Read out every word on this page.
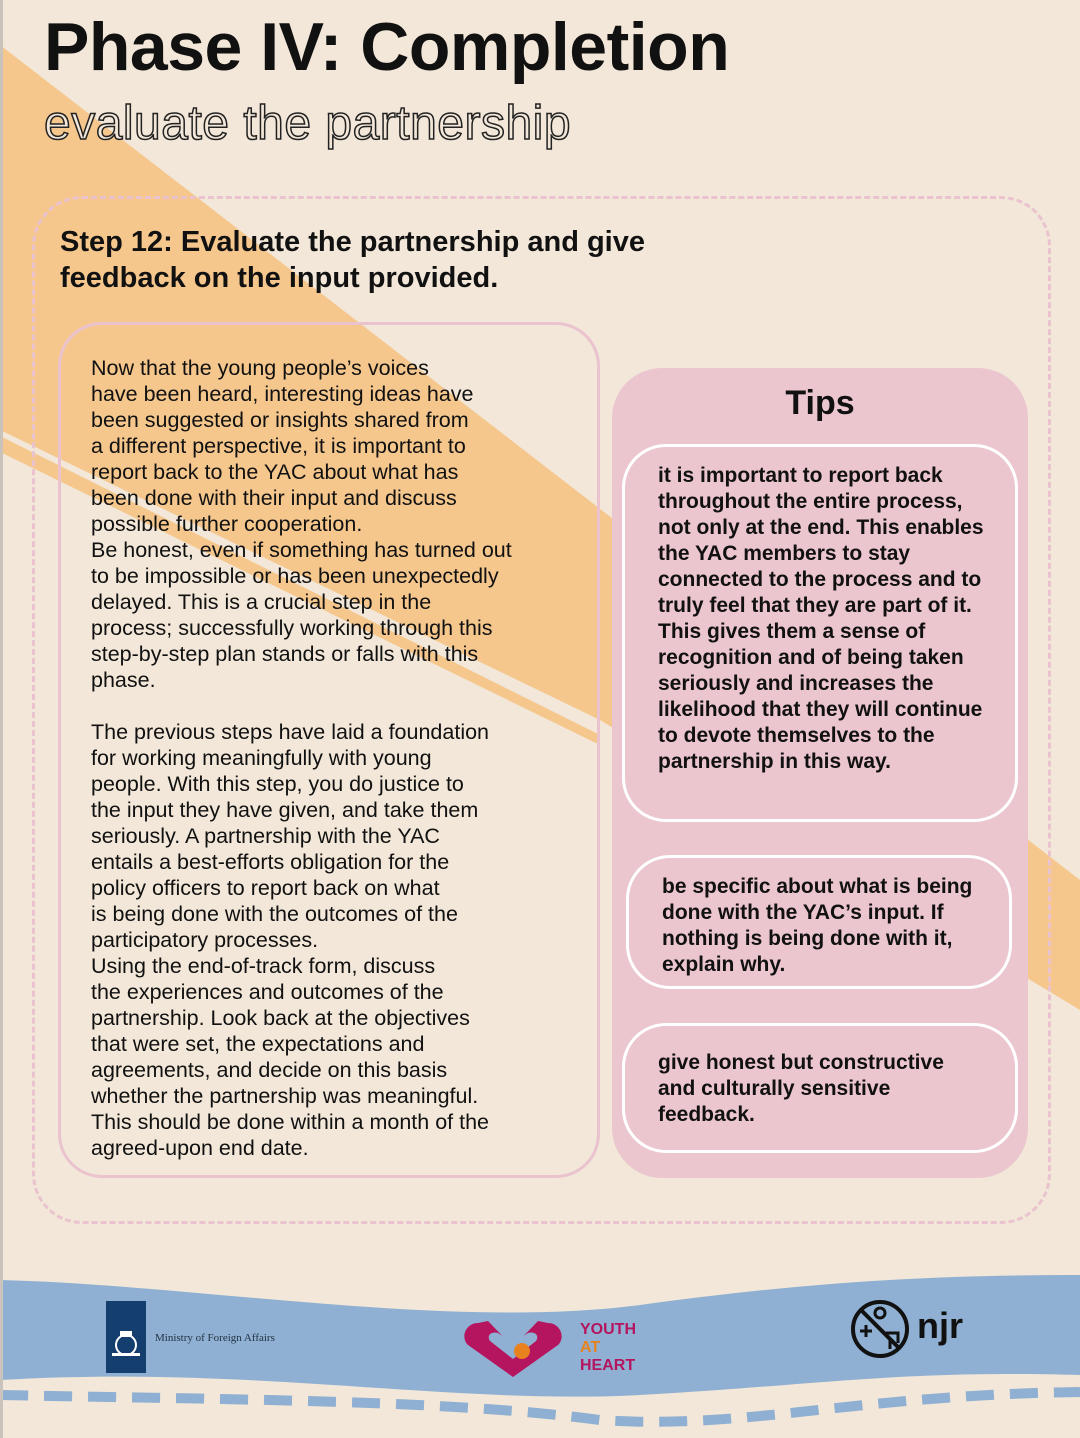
Phase IV: Completion
evaluate the partnership
Step 12: Evaluate the partnership and give feedback on the input provided.

Now that the young people’s voices
have been heard, interesting ideas have
been suggested or insights shared from
a different perspective, it is important to
report back to the YAC about what has
been done with their input and discuss
possible further cooperation.
Be honest, even if something has turned out
to be impossible or has been unexpectedly
delayed. This is a crucial step in the
process; successfully working through this
step-by-step plan stands or falls with this
phase.

The previous steps have laid a foundation
for working meaningfully with young
people. With this step, you do justice to
the input they have given, and take them
seriously. A partnership with the YAC
entails a best-efforts obligation for the
policy officers to report back on what
is being done with the outcomes of the
participatory processes.
Using the end-of-track form, discuss
the experiences and outcomes of the
partnership. Look back at the objectives
that were set, the expectations and
agreements, and decide on this basis
whether the partnership was meaningful.
This should be done within a month of the
agreed-upon end date.

Tips
it is important to report back throughout the entire process, not only at the end. This enables the YAC members to stay connected to the process and to truly feel that they are part of it. This gives them a sense of recognition and of being taken seriously and increases the likelihood that they will continue to devote themselves to the partnership in this way.
be specific about what is being done with the YAC’s input. If nothing is being done with it, explain why.
give honest but constructive and culturally sensitive feedback.
Ministry of Foreign Affairs	YOUTH
AT
HEART
njr
